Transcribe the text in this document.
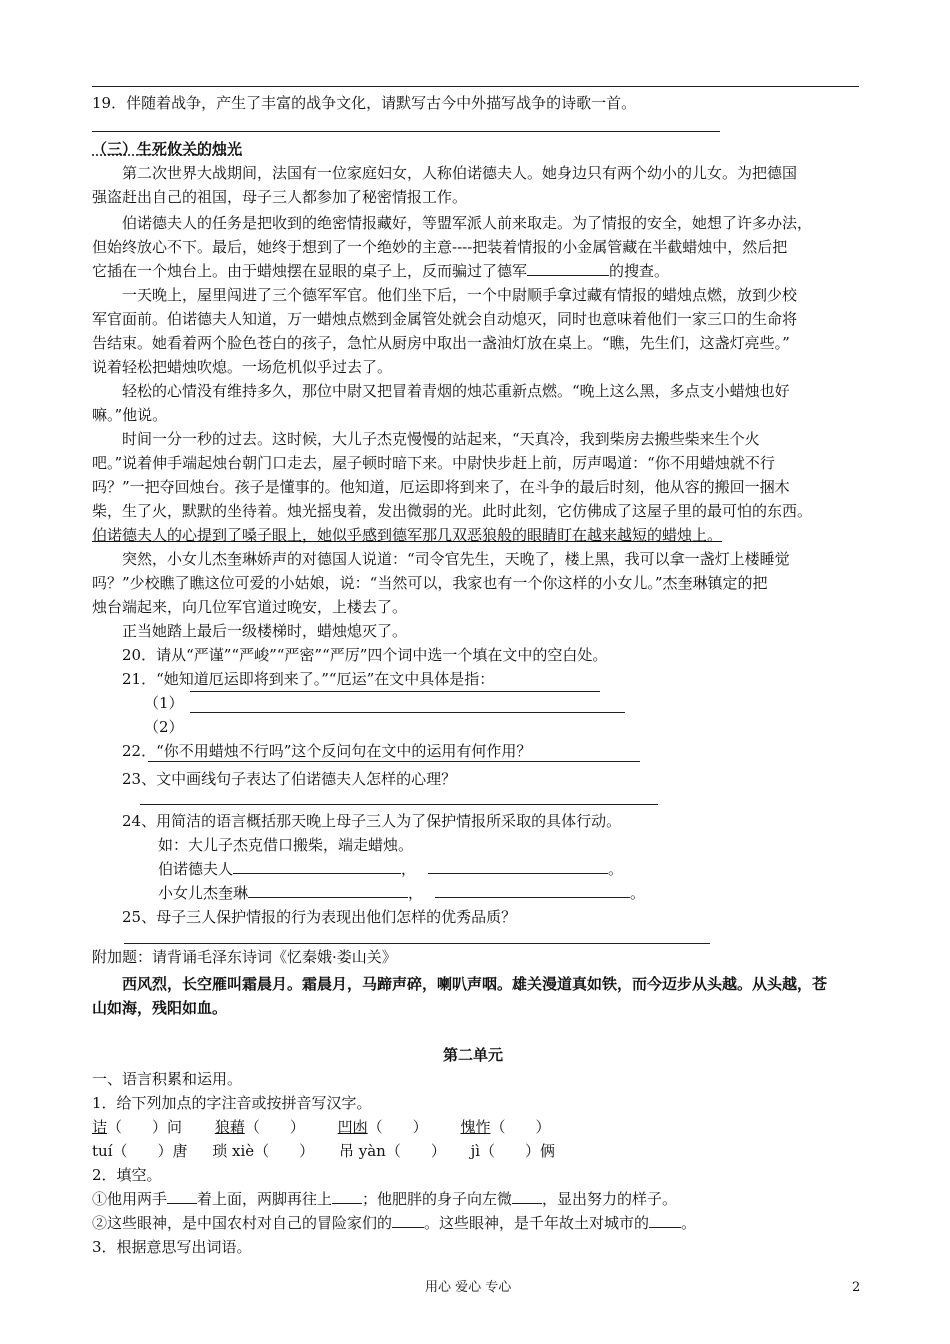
19．伴随着战争，产生了丰富的战争文化，请默写古今中外描写战争的诗歌一首。
（三）生死攸关的烛光
第二次世界大战期间，法国有一位家庭妇女，人称伯诺德夫人。她身边只有两个幼小的儿女。为把德国
强盗赶出自己的祖国，母子三人都参加了秘密情报工作。
伯诺德夫人的任务是把收到的绝密情报藏好，等盟军派人前来取走。为了情报的安全，她想了许多办法，
但始终放心不下。最后，她终于想到了一个绝妙的主意----把装着情报的小金属管藏在半截蜡烛中，然后把
它插在一个烛台上。由于蜡烛摆在显眼的桌子上，反而骗过了德军	的搜查。
一天晚上，屋里闯进了三个德军军官。他们坐下后，一个中尉顺手拿过藏有情报的蜡烛点燃，放到少校
军官面前。伯诺德夫人知道，万一蜡烛点燃到金属管处就会自动熄灭，同时也意味着他们一家三口的生命将
告结束。她看着两个脸色苍白的孩子，急忙从厨房中取出一盏油灯放在桌上。“瞧，先生们，这盏灯亮些。”
说着轻松把蜡烛吹熄。一场危机似乎过去了。
轻松的心情没有维持多久，那位中尉又把冒着青烟的烛芯重新点燃。“晚上这么黑，多点支小蜡烛也好
嘛。”他说。
时间一分一秒的过去。这时候，大儿子杰克慢慢的站起来，“天真冷，我到柴房去搬些柴来生个火
吧。”说着伸手端起烛台朝门口走去，屋子顿时暗下来。中尉快步赶上前，厉声喝道：“你不用蜡烛就不行
吗？”一把夺回烛台。孩子是懂事的。他知道，厄运即将到来了，在斗争的最后时刻，他从容的搬回一捆木
柴，生了火，默默的坐待着。烛光摇曳着，发出微弱的光。此时此刻，它仿佛成了这屋子里的最可怕的东西。
伯诺德夫人的心提到了嗓子眼上，她似乎感到德军那几双恶狼般的眼睛盯在越来越短的蜡烛上。
突然，小女儿杰奎琳娇声的对德国人说道：“司令官先生，天晚了，楼上黑，我可以拿一盏灯上楼睡觉
吗？”少校瞧了瞧这位可爱的小姑娘，说：“当然可以，我家也有一个你这样的小女儿。”杰奎琳镇定的把
烛台端起来，向几位军官道过晚安，上楼去了。
正当她踏上最后一级楼梯时，蜡烛熄灭了。
20．请从“严谨”“严峻”“严密”“严厉”四个词中选一个填在文中的空白处。
21．“她知道厄运即将到来了。”“厄运”在文中具体是指：
（1）
（2）
22．“你不用蜡烛不行吗”这个反问句在文中的运用有何作用？
23、文中画线句子表达了伯诺德夫人怎样的心理？
24、用简洁的语言概括那天晚上母子三人为了保护情报所采取的具体行动。
如：大儿子杰克借口搬柴，端走蜡烛。
伯诺德夫人	，	。
小女儿杰奎琳	，	。
25、母子三人保护情报的行为表现出他们怎样的优秀品质？
附加题：请背诵毛泽东诗词《忆秦娥·娄山关》
西风烈，长空雁叫霜晨月。霜晨月，马蹄声碎，喇叭声咽。雄关漫道真如铁，而今迈步从头越。从头越，苍
山如海，残阳如血。
第二单元
一、语言积累和运用。
1．给下列加点的字注音或按拼音写汉字。
诘（　　）问 狼藉（　　） 凹凼（　　） 愧怍（　　）
tuí（　　）唐 琐 xiè（　　） 吊 yàn（　　） jì（　　）俩
2．填空。
①他用两手 着上面，两脚再往上 ；他肥胖的身子向左微 ，显出努力的样子。
②这些眼神，是中国农村对自己的冒险家们的 。这些眼神，是千年故土对城市的 。
3．根据意思写出词语。
用心 爱心 专心	2
